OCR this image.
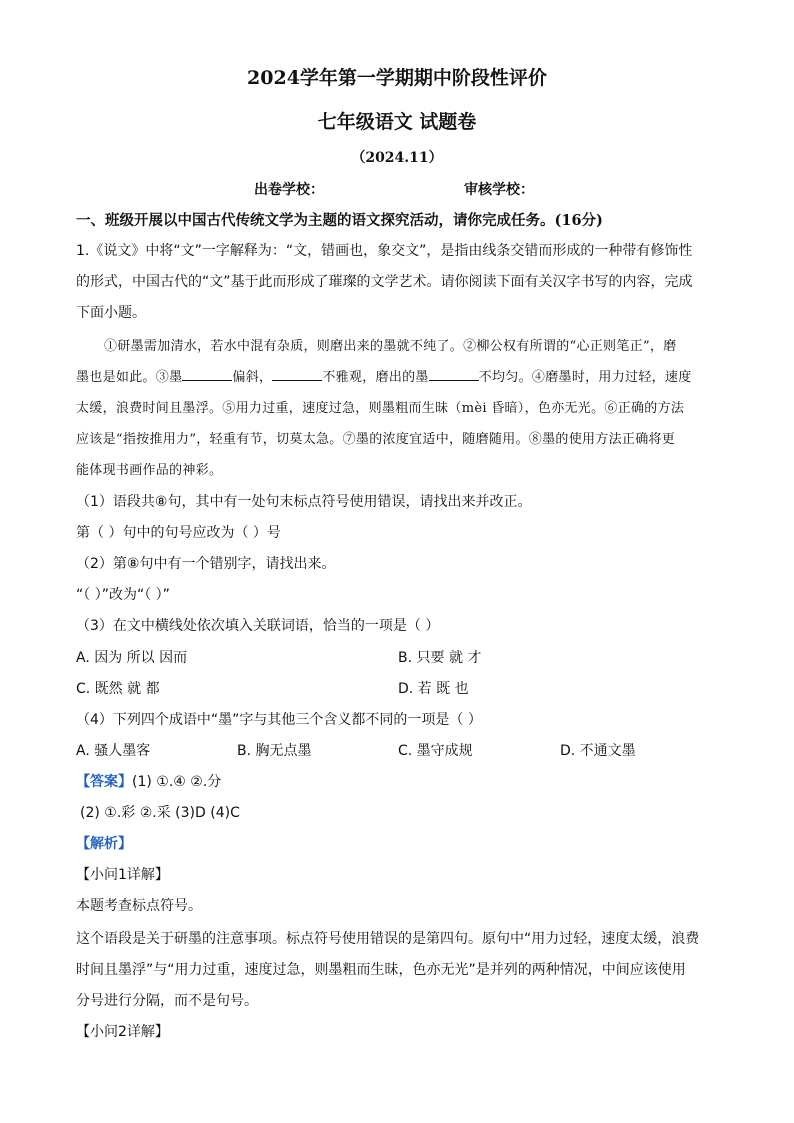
2024学年第一学期期中阶段性评价
七年级语文 试题卷
（2024.11）
出卷学校：	审核学校：
一、班级开展以中国古代传统文学为主题的语文探究活动，请你完成任务。(16分)
1.《说文》中将“文”一字解释为：“文，错画也，象交文”，是指由线条交错而形成的一种带有修饰性
的形式，中国古代的“文”基于此而形成了璀璨的文学艺术。请你阅读下面有关汉字书写的内容，完成
下面小题。
①研墨需加清水，若水中混有杂质，则磨出来的墨就不纯了。②柳公权有所谓的“心正则笔正”，磨
墨也是如此。③墨	偏斜，	不雅观，磨出的墨	不均匀。④磨墨时，用力过轻，速度
太缓，浪费时间且墨浮。⑤用力过重，速度过急，则墨粗而生昧（mèi 昏暗），色亦无光。⑥正确的方法
应该是“指按推用力”，轻重有节，切莫太急。⑦墨的浓度宜适中，随磨随用。⑧墨的使用方法正确将更
能体现书画作品的神彩。
（1）语段共⑧句，其中有一处句末标点符号使用错误，请找出来并改正。
第（ ）句中的句号应改为（ ）号
（2）第⑧句中有一个错别字，请找出来。
“（ ）”改为“（ ）”
（3）在文中横线处依次填入关联词语，恰当的一项是（ ）
A. 因为 所以 因而	B. 只要 就 才
C. 既然 就 都	D. 若 既 也
（4）下列四个成语中“墨”字与其他三个含义都不同的一项是（ ）
A. 骚人墨客	B. 胸无点墨	C. 墨守成规	D. 不通文墨
【答案】(1) ①.④ ②.分
(2) ①.彩 ②.采 (3)D (4)C
【解析】
【小问1详解】
本题考查标点符号。
这个语段是关于研墨的注意事项。标点符号使用错误的是第四句。原句中“用力过轻，速度太缓，浪费
时间且墨浮”与“用力过重，速度过急，则墨粗而生昧，色亦无光”是并列的两种情况，中间应该使用
分号进行分隔，而不是句号。
【小问2详解】
